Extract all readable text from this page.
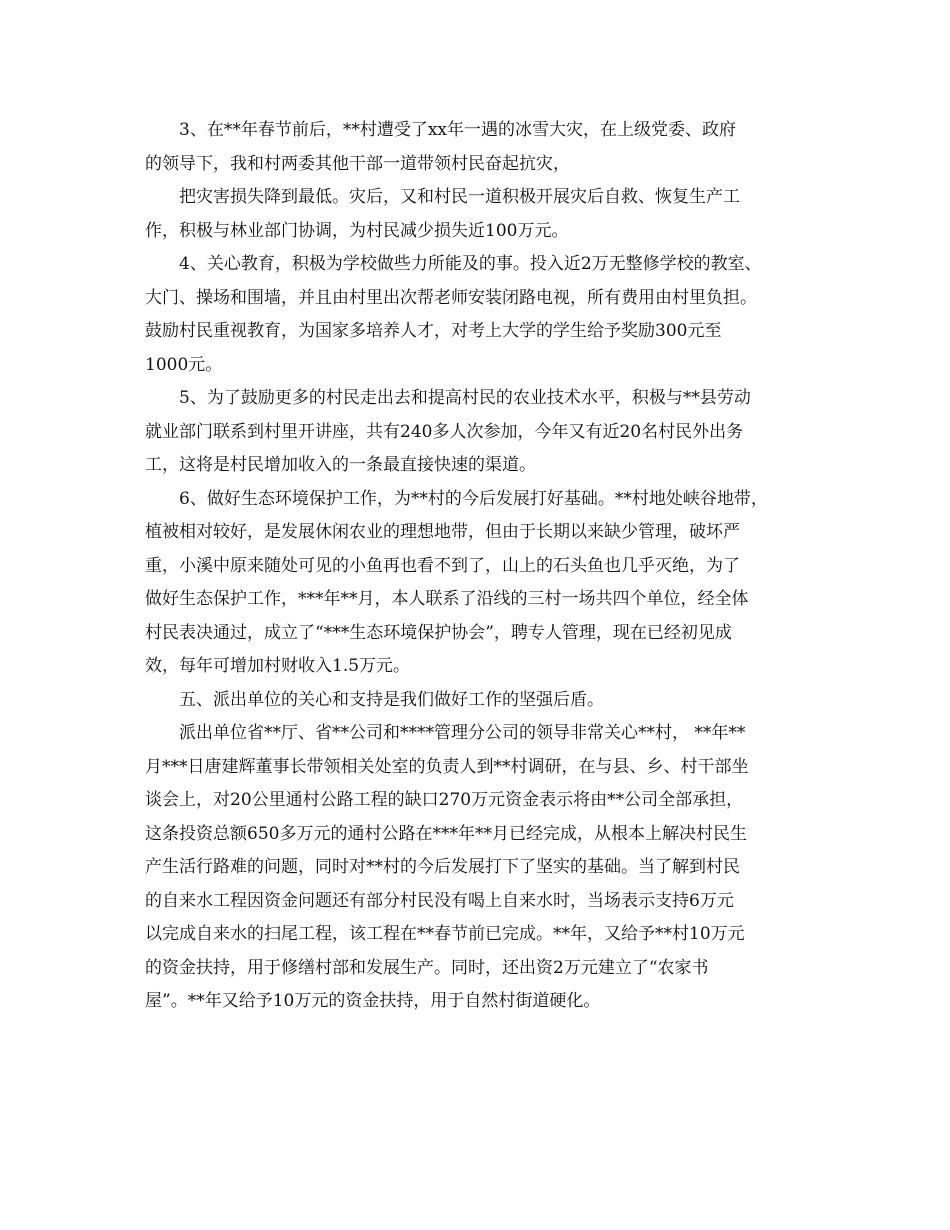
3、在**年春节前后，**村遭受了xx年一遇的冰雪大灾，在上级党委、政府
的领导下，我和村两委其他干部一道带领村民奋起抗灾，

把灾害损失降到最低。灾后，又和村民一道积极开展灾后自救、恢复生产工
作，积极与林业部门协调，为村民减少损失近100万元。

4、关心教育，积极为学校做些力所能及的事。投入近2万无整修学校的教室、
大门、操场和围墙，并且由村里出次帮老师安装闭路电视，所有费用由村里负担。
鼓励村民重视教育，为国家多培养人才，对考上大学的学生给予奖励300元至
1000元。

5、为了鼓励更多的村民走出去和提高村民的农业技术水平，积极与**县劳动
就业部门联系到村里开讲座，共有240多人次参加，今年又有近20名村民外出务
工，这将是村民增加收入的一条最直接快速的渠道。

6、做好生态环境保护工作，为**村的今后发展打好基础。**村地处峡谷地带，
植被相对较好，是发展休闲农业的理想地带，但由于长期以来缺少管理，破坏严
重，小溪中原来随处可见的小鱼再也看不到了，山上的石头鱼也几乎灭绝，为了
做好生态保护工作，***年**月，本人联系了沿线的三村一场共四个单位，经全体
村民表决通过，成立了“***生态环境保护协会”，聘专人管理，现在已经初见成
效，每年可增加村财收入1.5万元。

五、派出单位的关心和支持是我们做好工作的坚强后盾。

派出单位省**厅、省**公司和****管理分公司的领导非常关心**村， **年**
月***日唐建辉董事长带领相关处室的负责人到**村调研，在与县、乡、村干部坐
谈会上，对20公里通村公路工程的缺口270万元资金表示将由**公司全部承担，
这条投资总额650多万元的通村公路在***年**月已经完成，从根本上解决村民生
产生活行路难的问题，同时对**村的今后发展打下了坚实的基础。当了解到村民
的自来水工程因资金问题还有部分村民没有喝上自来水时，当场表示支持6万元
以完成自来水的扫尾工程，该工程在**春节前已完成。**年，又给予**村10万元
的资金扶持，用于修缮村部和发展生产。同时，还出资2万元建立了“农家书
屋”。**年又给予10万元的资金扶持，用于自然村街道硬化。
